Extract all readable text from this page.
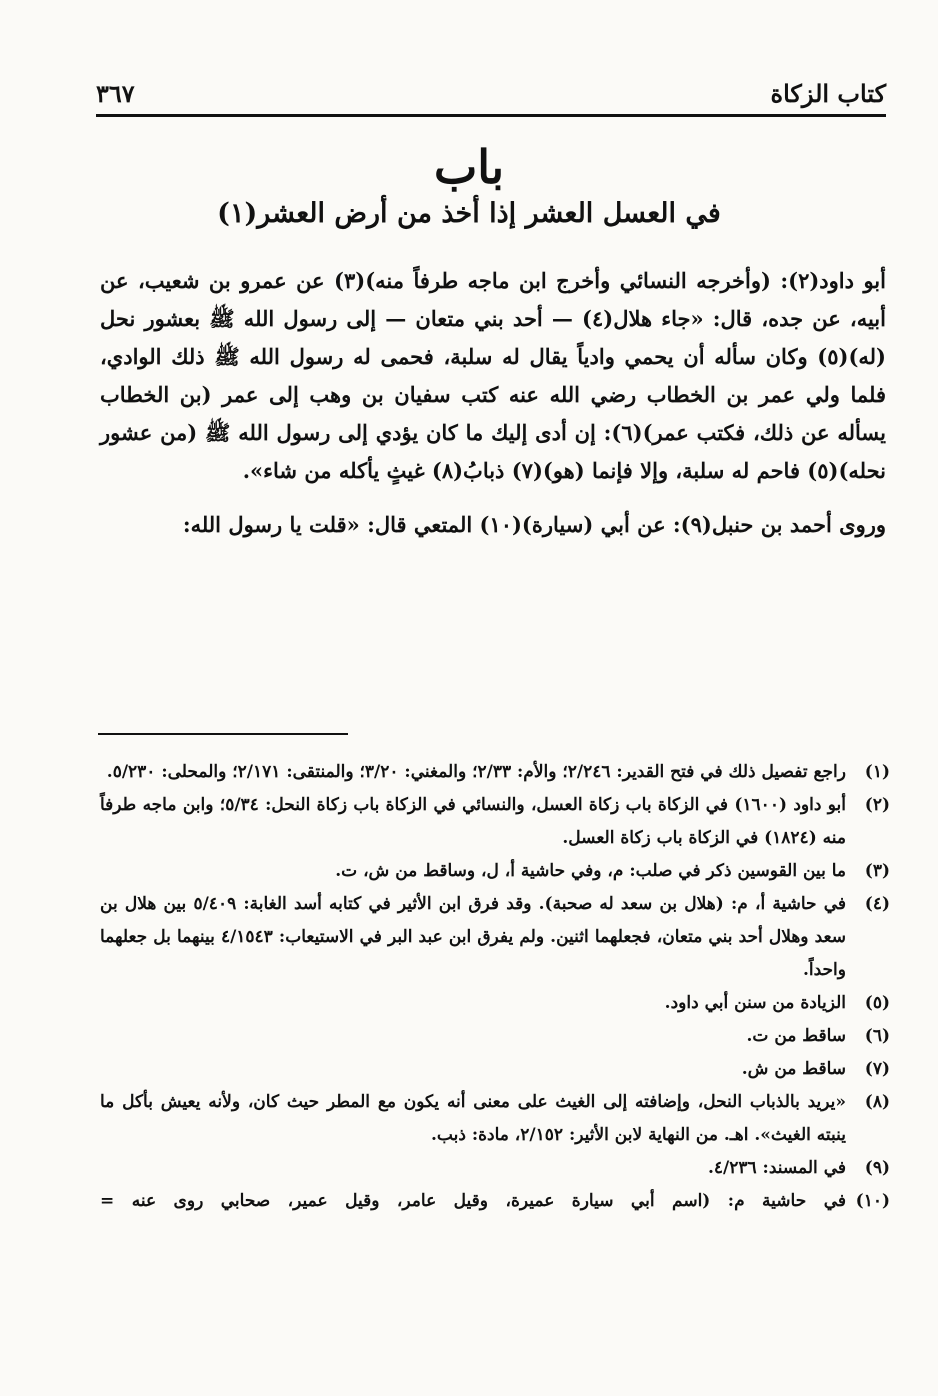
كتاب الزكاة
٣٦٧
باب
في العسل العشر إذا أخذ من أرض العشر(١)

أبو داود(٢): (وأخرجه النسائي وأخرج ابن ماجه طرفاً منه)(٣) عن عمرو بن شعيب، عن أبيه، عن جده، قال: «جاء هلال(٤) — أحد بني متعان — إلى رسول الله ﷺ بعشور نحل (له)(٥) وكان سأله أن يحمي وادياً يقال له سلبة، فحمى له رسول الله ﷺ ذلك الوادي، فلما ولي عمر بن الخطاب رضي الله عنه كتب سفيان بن وهب إلى عمر (بن الخطاب يسأله عن ذلك، فكتب عمر)(٦): إن أدى إليك ما كان يؤدي إلى رسول الله ﷺ (من عشور نحله)(٥) فاحم له سلبة، وإلا فإنما (هو)(٧) ذبابُ(٨) غيثٍ يأكله من شاء».

وروى أحمد بن حنبل(٩): عن أبي (سيارة)(١٠) المتعي قال: «قلت يا رسول الله:

(١)
راجع تفصيل ذلك في فتح القدير: ٢/٢٤٦؛ والأم: ٢/٣٣؛ والمغني: ٣/٢٠؛ والمنتقى: ٢/١٧١؛ والمحلى: ٥/٢٣٠.
(٢)
أبو داود (١٦٠٠) في الزكاة باب زكاة العسل، والنسائي في الزكاة باب زكاة النحل: ٥/٣٤؛ وابن ماجه طرفاً منه (١٨٢٤) في الزكاة باب زكاة العسل.
(٣)
ما بين القوسين ذكر في صلب: م، وفي حاشية أ، ل، وساقط من ش، ت.
(٤)
في حاشية أ، م: (هلال بن سعد له صحبة). وقد فرق ابن الأثير في كتابه أسد الغابة: ٥/٤٠٩ بين هلال بن سعد وهلال أحد بني متعان، فجعلهما اثنين. ولم يفرق ابن عبد البر في الاستيعاب: ٤/١٥٤٣ بينهما بل جعلهما واحداً.
(٥)
الزيادة من سنن أبي داود.
(٦)
ساقط من ت.
(٧)
ساقط من ش.
(٨)
«يريد بالذباب النحل، وإضافته إلى الغيث على معنى أنه يكون مع المطر حيث كان، ولأنه يعيش بأكل ما ينبته الغيث». اهـ. من النهاية لابن الأثير: ٢/١٥٢، مادة: ذبب.
(٩)
في المسند: ٤/٢٣٦.
(١٠)
في حاشية م: (اسم أبي سيارة عميرة، وقيل عامر، وقيل عمير، صحابي روى عنه =
